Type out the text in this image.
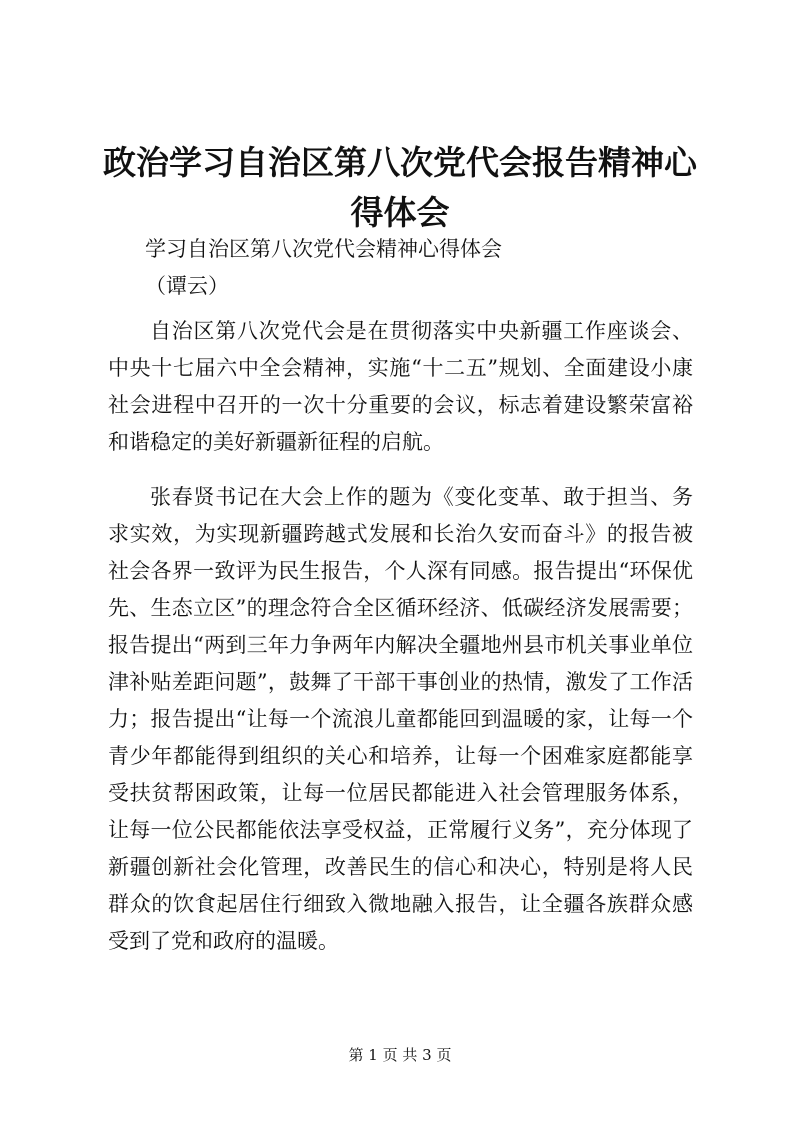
政治学习自治区第八次党代会报告精神心得体会
学习自治区第八次党代会精神心得体会
（谭云）

自治区第八次党代会是在贯彻落实中央新疆工作座谈会、中央十七届六中全会精神，实施“十二五”规划、全面建设小康社会进程中召开的一次十分重要的会议，标志着建设繁荣富裕和谐稳定的美好新疆新征程的启航。

张春贤书记在大会上作的题为《变化变革、敢于担当、务求实效，为实现新疆跨越式发展和长治久安而奋斗》的报告被社会各界一致评为民生报告，个人深有同感。报告提出“环保优先、生态立区”的理念符合全区循环经济、低碳经济发展需要；报告提出“两到三年力争两年内解决全疆地州县市机关事业单位津补贴差距问题”，鼓舞了干部干事创业的热情，激发了工作活力；报告提出“让每一个流浪儿童都能回到温暖的家，让每一个青少年都能得到组织的关心和培养，让每一个困难家庭都能享受扶贫帮困政策，让每一位居民都能进入社会管理服务体系，让每一位公民都能依法享受权益，正常履行义务”，充分体现了新疆创新社会化管理，改善民生的信心和决心，特别是将人民群众的饮食起居住行细致入微地融入报告，让全疆各族群众感受到了党和政府的温暖。

第 1 页 共 3 页
